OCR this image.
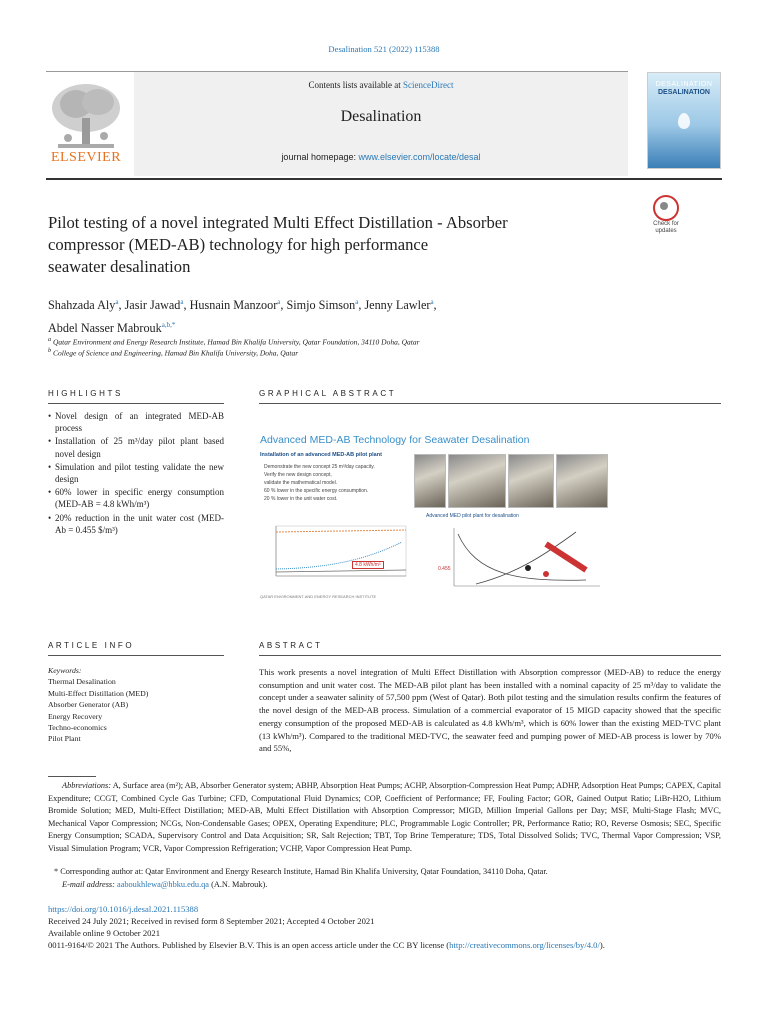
Desalination 521 (2022) 115388
Contents lists available at ScienceDirect
Desalination
journal homepage: www.elsevier.com/locate/desal
ELSEVIER
DESALINATION
DESALINATION
Check for updates
Pilot testing of a novel integrated Multi Effect Distillation - Absorber
compressor (MED-AB) technology for high performance
seawater desalination
Shahzada Aly$^a$, Jasir Jawad$^a$, Husnain Manzoor$^a$, Simjo Simson$^a$, Jenny Lawler$^a$,
Abdel Nasser Mabrouk$^{a,b,*}$
$^a$ Qatar Environment and Energy Research Institute, Hamad Bin Khalifa University, Qatar Foundation, 34110 Doha, Qatar
$^b$ College of Science and Engineering, Hamad Bin Khalifa University, Doha, Qatar
HIGHLIGHTS	GRAPHICAL ABSTRACT
• Novel design of an integrated MED-AB process
• Installation of 25 m³/day pilot plant based novel design
• Simulation and pilot testing validate the new design
• 60% lower in specific energy consumption (MED-AB = 4.8 kWh/m³)
• 20% reduction in the unit water cost (MED-Ab = 0.455 $/m³)
Advanced MED-AB Technology for Seawater Desalination
Installation of an advanced MED-AB pilot plant
Demonstrate the new concept 25 m³/day capacity.
Verify the new design concept,
validate the mathematical model.
60 % lower in the specific energy consumption.
20 % lower in the unit water cost.
Advanced MED pilot plant for desalination
4.8 kWh/m³
0.455
QATAR ENVIRONMENT AND ENERGY RESEARCH INSTITUTE
ARTICLE INFO	ABSTRACT
Keywords:
Thermal Desalination
Multi-Effect Distillation (MED)
Absorber Generator (AB)
Energy Recovery
Techno-economics
Pilot Plant
This work presents a novel integration of Multi Effect Distillation with Absorption compressor (MED-AB) to reduce the energy consumption and unit water cost. The MED-AB pilot plant has been installed with a nominal capacity of 25 m³/day to validate the concept under a seawater salinity of 57,500 ppm (West of Qatar). Both pilot testing and the simulation results confirm the features of the novel design of the MED-AB process. Simulation of a commercial evaporator of 15 MIGD capacity showed that the specific energy consumption of the proposed MED-AB is calculated as 4.8 kWh/m³, which is 60% lower than the existing MED-TVC plant (13 kWh/m³). Compared to the traditional MED-TVC, the seawater feed and pumping power of MED-AB process is lower by 70% and 55%,
Abbreviations: A, Surface area (m²); AB, Absorber Generator system; ABHP, Absorption Heat Pumps; ACHP, Absorption-Compression Heat Pump; ADHP, Adsorption Heat Pumps; CAPEX, Capital Expenditure; CCGT, Combined Cycle Gas Turbine; CFD, Computational Fluid Dynamics; COP, Coefficient of Performance; FF, Fouling Factor; GOR, Gained Output Ratio; LiBr-H2O, Lithium Bromide Solution; MED, Multi-Effect Distillation; MED-AB, Multi Effect Distillation with Absorption Compressor; MIGD, Million Imperial Gallons per Day; MSF, Multi-Stage Flash; MVC, Mechanical Vapor Compression; NCGs, Non-Condensable Gases; OPEX, Operating Expenditure; PLC, Programmable Logic Controller; PR, Performance Ratio; RO, Reverse Osmosis; SEC, Specific Energy Consumption; SCADA, Supervisory Control and Data Acquisition; SR, Salt Rejection; TBT, Top Brine Temperature; TDS, Total Dissolved Solids; TVC, Thermal Vapor Compression; VSP, Visual Simulation Program; VCR, Vapor Compression Refrigeration; VCHP, Vapor Compression Heat Pump.
* Corresponding author at: Qatar Environment and Energy Research Institute, Hamad Bin Khalifa University, Qatar Foundation, 34110 Doha, Qatar.
E-mail address: aaboukhlewa@hbku.edu.qa (A.N. Mabrouk).
https://doi.org/10.1016/j.desal.2021.115388
Received 24 July 2021; Received in revised form 8 September 2021; Accepted 4 October 2021
Available online 9 October 2021
0011-9164/© 2021 The Authors. Published by Elsevier B.V. This is an open access article under the CC BY license (http://creativecommons.org/licenses/by/4.0/).
